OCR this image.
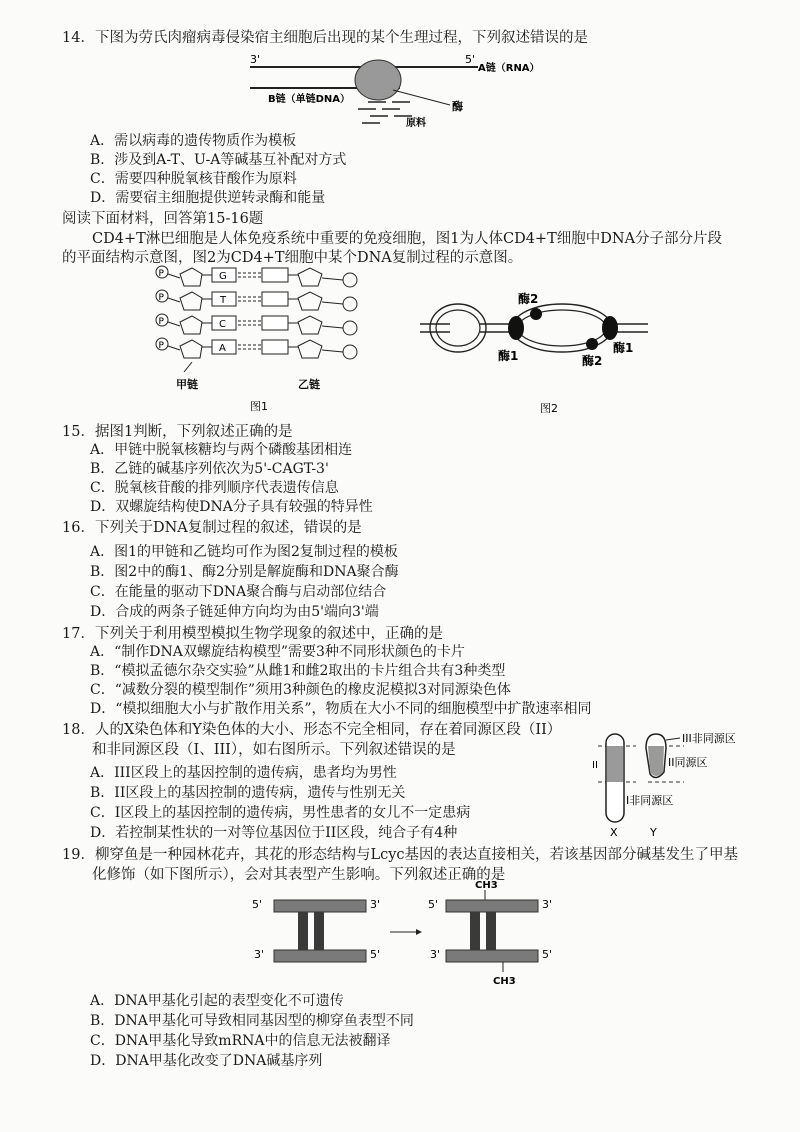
14．下图为劳氏肉瘤病毒侵染宿主细胞后出现的某个生理过程，下列叙述错误的是
3'	5'
B链（单链DNA）
A链（RNA）
酶
原料
A．需以病毒的遗传物质作为模板
B．涉及到A-T、U-A等碱基互补配对方式
C．需要四种脱氧核苷酸作为原料
D．需要宿主细胞提供逆转录酶和能量
阅读下面材料，回答第15-16题
CD4+T淋巴细胞是人体免疫系统中重要的免疫细胞，图1为人体CD4+T细胞中DNA分子部分片段
的平面结构示意图，图2为CD4+T细胞中某个DNA复制过程的示意图。
P	G
P	T
P	C
P	A
甲链	乙链
图1
酶2
酶1	酶2
酶1
图2
15．据图1判断，下列叙述正确的是
A．甲链中脱氧核糖均与两个磷酸基团相连
B．乙链的碱基序列依次为5'-CAGT-3'
C．脱氧核苷酸的排列顺序代表遗传信息
D．双螺旋结构使DNA分子具有较强的特异性
16．下列关于DNA复制过程的叙述，错误的是
A．图1的甲链和乙链均可作为图2复制过程的模板
B．图2中的酶1、酶2分别是解旋酶和DNA聚合酶
C．在能量的驱动下DNA聚合酶与启动部位结合
D．合成的两条子链延伸方向均为由5'端向3'端
17．下列关于利用模型模拟生物学现象的叙述中，正确的是
A．“制作DNA双螺旋结构模型”需要3种不同形状颜色的卡片
B．“模拟孟德尔杂交实验”从雌1和雌2取出的卡片组合共有3种类型
C．“减数分裂的模型制作”须用3种颜色的橡皮泥模拟3对同源染色体
D．“模拟细胞大小与扩散作用关系”，物质在大小不同的细胞模型中扩散速率相同
18．人的X染色体和Y染色体的大小、形态不完全相同，存在着同源区段（II）
和非同源区段（I、III），如右图所示。下列叙述错误的是
A．III区段上的基因控制的遗传病，患者均为男性
B．II区段上的基因控制的遗传病，遗传与性别无关
C．I区段上的基因控制的遗传病，男性患者的女儿不一定患病
D．若控制某性状的一对等位基因位于II区段，纯合子有4种
III非同源区
II同源区
I非同源区
II
X	Y
19．柳穿鱼是一种园林花卉，其花的形态结构与Lcyc基因的表达直接相关，若该基因部分碱基发生了甲基
化修饰（如下图所示），会对其表型产生影响。下列叙述正确的是
5'	3'
3'	5'
5'	3'
3'	5'
CH3
CH3
A．DNA甲基化引起的表型变化不可遗传
B．DNA甲基化可导致相同基因型的柳穿鱼表型不同
C．DNA甲基化导致mRNA中的信息无法被翻译
D．DNA甲基化改变了DNA碱基序列
